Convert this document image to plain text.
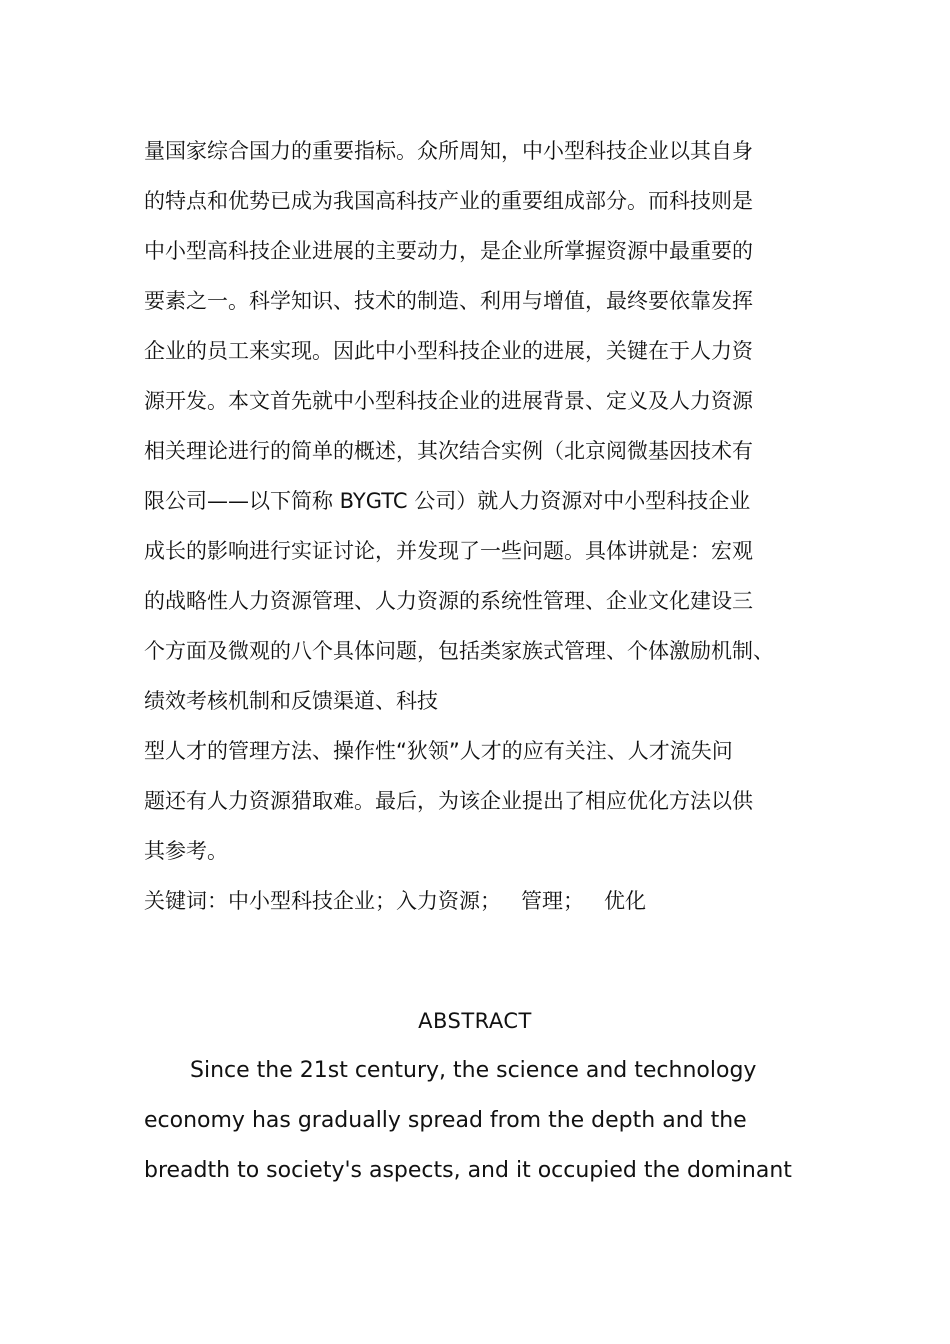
量国家综合国力的重要指标。众所周知，中小型科技企业以其自身
的特点和优势已成为我国高科技产业的重要组成部分。而科技则是
中小型高科技企业进展的主要动力，是企业所掌握资源中最重要的
要素之一。科学知识、技术的制造、利用与增值，最终要依靠发挥
企业的员工来实现。因此中小型科技企业的进展，关键在于人力资
源开发。本文首先就中小型科技企业的进展背景、定义及人力资源
相关理论进行的简单的概述，其次结合实例（北京阅微基因技术有
限公司——以下简称 BYGTC 公司）就人力资源对中小型科技企业
成长的影响进行实证讨论，并发现了一些问题。具体讲就是：宏观
的战略性人力资源管理、人力资源的系统性管理、企业文化建设三
个方面及微观的八个具体问题，包括类家族式管理、个体激励机制、
绩效考核机制和反馈渠道、科技
型人才的管理方法、操作性“狄领”人才的应有关注、人才流失问
题还有人力资源猎取难。最后，为该企业提出了相应优化方法以供
其参考。
关键词：中小型科技企业；入力资源；   管理；   优化
ABSTRACT
Since the 21st century, the science and technology
economy has gradually spread from the depth and the
breadth to society's aspects, and it occupied the dominant
